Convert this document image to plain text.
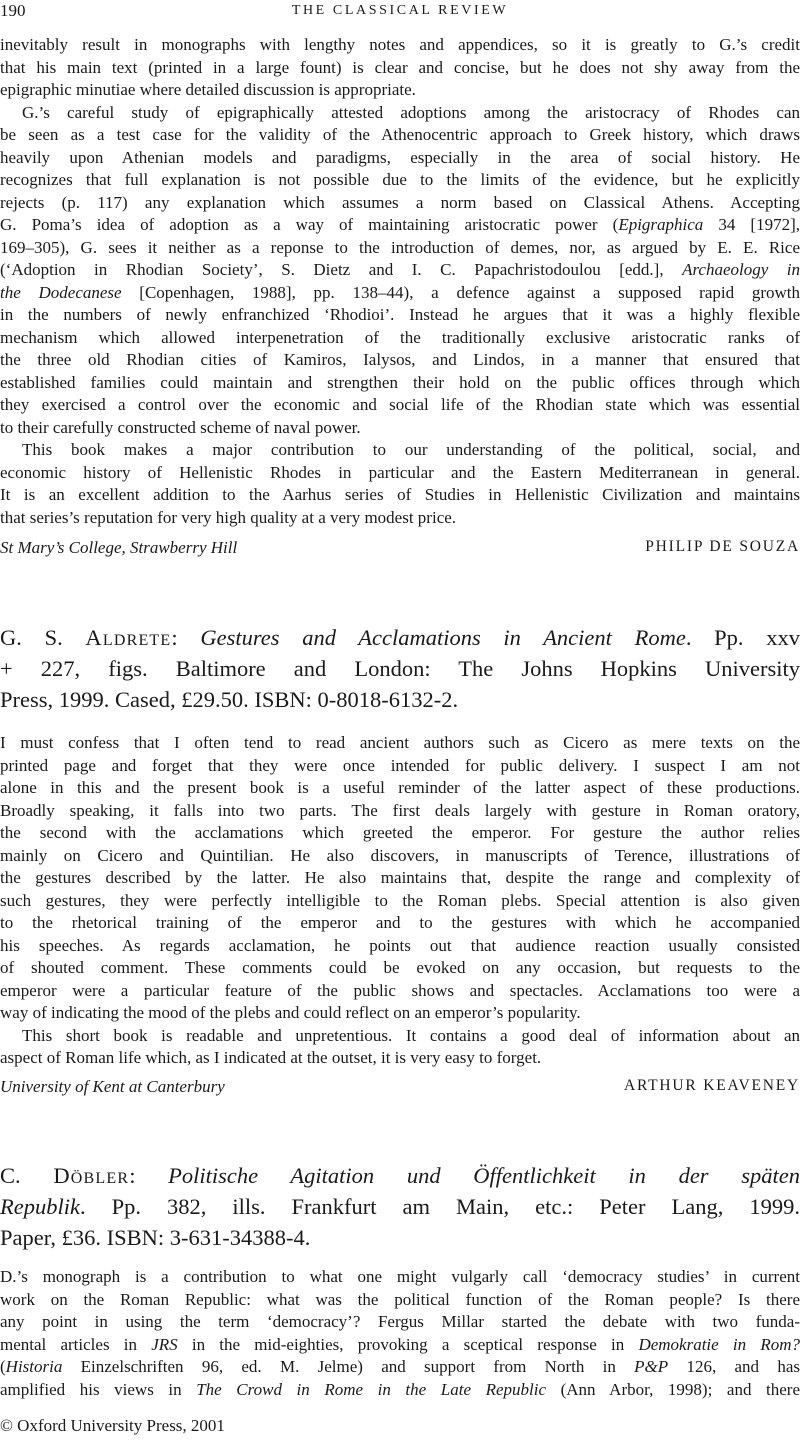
190	THE CLASSICAL REVIEW

inevitably result in monographs with lengthy notes and appendices, so it is greatly to G.’s credit
that his main text (printed in a large fount) is clear and concise, but he does not shy away from the
epigraphic minutiae where detailed discussion is appropriate.

G.’s careful study of epigraphically attested adoptions among the aristocracy of Rhodes can
be seen as a test case for the validity of the Athenocentric approach to Greek history, which draws
heavily upon Athenian models and paradigms, especially in the area of social history. He
recognizes that full explanation is not possible due to the limits of the evidence, but he explicitly
rejects (p. 117) any explanation which assumes a norm based on Classical Athens. Accepting
G. Poma’s idea of adoption as a way of maintaining aristocratic power (Epigraphica 34 [1972],
169–305), G. sees it neither as a reponse to the introduction of demes, nor, as argued by E. E. Rice
(‘Adoption in Rhodian Society’, S. Dietz and I. C. Papachristodoulou [edd.], Archaeology in
the Dodecanese [Copenhagen, 1988], pp. 138–44), a defence against a supposed rapid growth
in the numbers of newly enfranchized ‘Rhodioi’. Instead he argues that it was a highly flexible
mechanism which allowed interpenetration of the traditionally exclusive aristocratic ranks of
the three old Rhodian cities of Kamiros, Ialysos, and Lindos, in a manner that ensured that
established families could maintain and strengthen their hold on the public offices through which
they exercised a control over the economic and social life of the Rhodian state which was essential
to their carefully constructed scheme of naval power.

This book makes a major contribution to our understanding of the political, social, and
economic history of Hellenistic Rhodes in particular and the Eastern Mediterranean in general.
It is an excellent addition to the Aarhus series of Studies in Hellenistic Civilization and maintains
that series’s reputation for very high quality at a very modest price.

St Mary’s College, Strawberry Hill	PHILIP DE SOUZA
G. S. Aldrete: Gestures and Acclamations in Ancient Rome. Pp. xxv
+ 227, figs. Baltimore and London: The Johns Hopkins University
Press, 1999. Cased, £29.50. ISBN: 0-8018-6132-2.

I must confess that I often tend to read ancient authors such as Cicero as mere texts on the
printed page and forget that they were once intended for public delivery. I suspect I am not
alone in this and the present book is a useful reminder of the latter aspect of these productions.
Broadly speaking, it falls into two parts. The first deals largely with gesture in Roman oratory,
the second with the acclamations which greeted the emperor. For gesture the author relies
mainly on Cicero and Quintilian. He also discovers, in manuscripts of Terence, illustrations of
the gestures described by the latter. He also maintains that, despite the range and complexity of
such gestures, they were perfectly intelligible to the Roman plebs. Special attention is also given
to the rhetorical training of the emperor and to the gestures with which he accompanied
his speeches. As regards acclamation, he points out that audience reaction usually consisted
of shouted comment. These comments could be evoked on any occasion, but requests to the
emperor were a particular feature of the public shows and spectacles. Acclamations too were a
way of indicating the mood of the plebs and could reflect on an emperor’s popularity.

This short book is readable and unpretentious. It contains a good deal of information about an
aspect of Roman life which, as I indicated at the outset, it is very easy to forget.

University of Kent at Canterbury	ARTHUR KEAVENEY
C. Döbler: Politische Agitation und Öffentlichkeit in der späten
Republik. Pp. 382, ills. Frankfurt am Main, etc.: Peter Lang, 1999.
Paper, £36. ISBN: 3-631-34388-4.

D.’s monograph is a contribution to what one might vulgarly call ‘democracy studies’ in current
work on the Roman Republic: what was the political function of the Roman people? Is there
any point in using the term ‘democracy’? Fergus Millar started the debate with two funda-
mental articles in JRS in the mid-eighties, provoking a sceptical response in Demokratie in Rom?
(Historia Einzelschriften 96, ed. M. Jelme) and support from North in P&P 126, and has
amplified his views in The Crowd in Rome in the Late Republic (Ann Arbor, 1998); and there

© Oxford University Press, 2001
